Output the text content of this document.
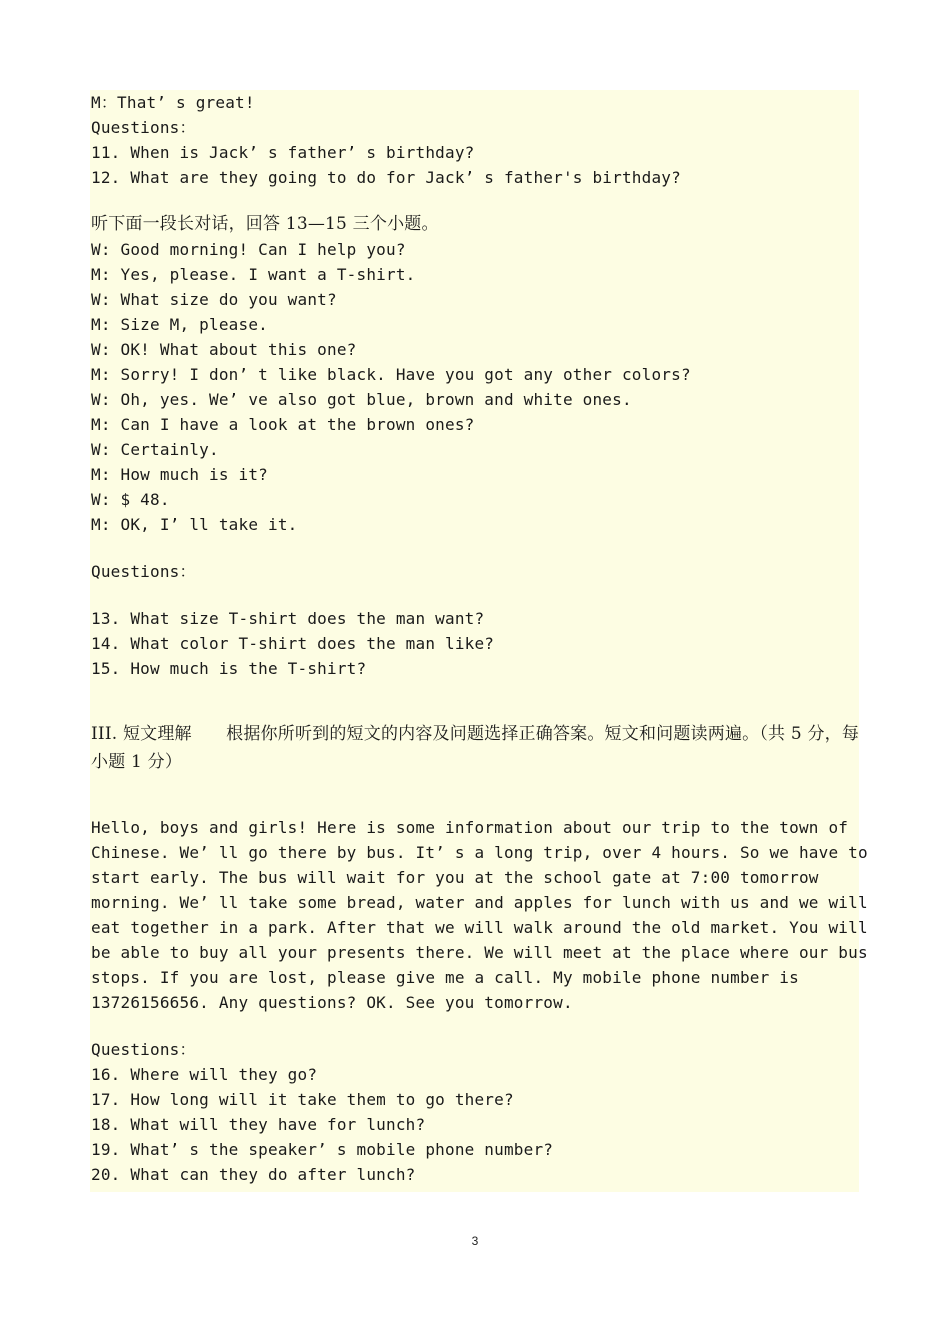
M：That’ s great!

Questions：

11. When is Jack’ s father’ s birthday?

12. What are they going to do for Jack’ s father's birthday?

听下面一段长对话，回答 13—15 三个小题。

W: Good morning! Can I help you?

M: Yes, please. I want a T-shirt.

W: What size do you want?

M: Size M, please.

W: OK! What about this one?

M: Sorry! I don’ t like black. Have you got any other colors?

W: Oh, yes. We’ ve also got blue, brown and white ones.

M: Can I have a look at the brown ones?

W: Certainly.

M: How much is it?

W: $ 48.

M: OK, I’ ll take it.

Questions：

13. What size T-shirt does the man want?

14. What color T-shirt does the man like?

15. How much is the T-shirt?

III. 短文理解　　根据你所听到的短文的内容及问题选择正确答案。短文和问题读两遍。（共 5 分，每小题 1 分）

Hello, boys and girls! Here is some information about our trip to the town of

Chinese. We’ ll go there by bus. It’ s a long trip, over 4 hours. So we have to

start early. The bus will wait for you at the school gate at 7:00 tomorrow

morning. We’ ll take some bread, water and apples for lunch with us and we will

eat together in a park. After that we will walk around the old market. You will

be able to buy all your presents there. We will meet at the place where our bus

stops. If you are lost, please give me a call. My mobile phone number is

13726156656. Any questions? OK. See you tomorrow.

Questions：

16. Where will they go?

17. How long will it take them to go there?

18. What will they have for lunch?

19. What’ s the speaker’ s mobile phone number?

20. What can they do after lunch?

3
